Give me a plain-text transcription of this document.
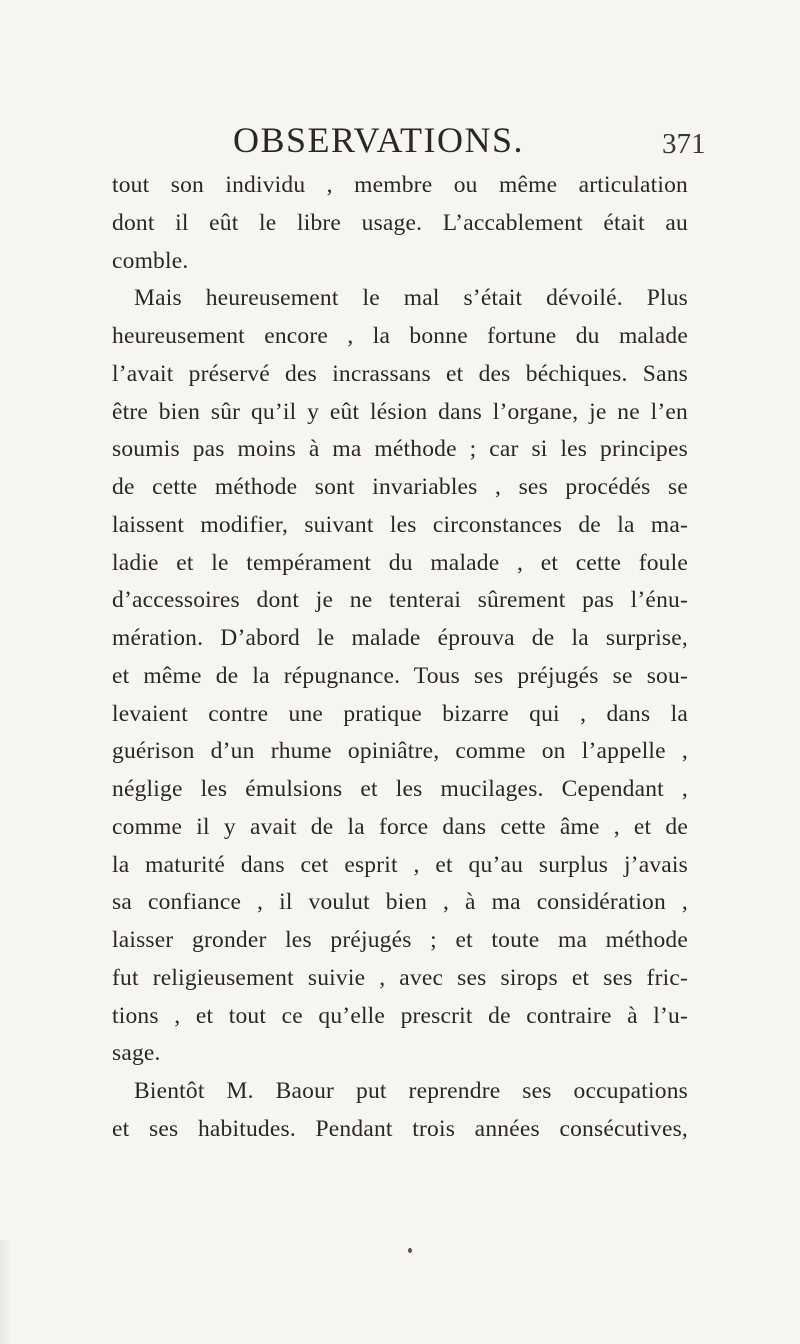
OBSERVATIONS.	371
tout son individu , membre ou même articulation
dont il eût le libre usage. L’accablement était au
comble.
Mais heureusement le mal s’était dévoilé. Plus
heureusement encore , la bonne fortune du malade
l’avait préservé des incrassans et des béchiques. Sans
être bien sûr qu’il y eût lésion dans l’organe, je ne l’en
soumis pas moins à ma méthode ; car si les principes
de cette méthode sont invariables , ses procédés se
laissent modifier, suivant les circonstances de la ma-
ladie et le tempérament du malade , et cette foule
d’accessoires dont je ne tenterai sûrement pas l’énu-
mération. D’abord le malade éprouva de la surprise,
et même de la répugnance. Tous ses préjugés se sou-
levaient contre une pratique bizarre qui , dans la
guérison d’un rhume opiniâtre, comme on l’appelle ,
néglige les émulsions et les mucilages. Cependant ,
comme il y avait de la force dans cette âme , et de
la maturité dans cet esprit , et qu’au surplus j’avais
sa confiance , il voulut bien , à ma considération ,
laisser gronder les préjugés ; et toute ma méthode
fut religieusement suivie , avec ses sirops et ses fric-
tions , et tout ce qu’elle prescrit de contraire à l’u-
sage.
Bientôt M. Baour put reprendre ses occupations
et ses habitudes. Pendant trois années consécutives,
